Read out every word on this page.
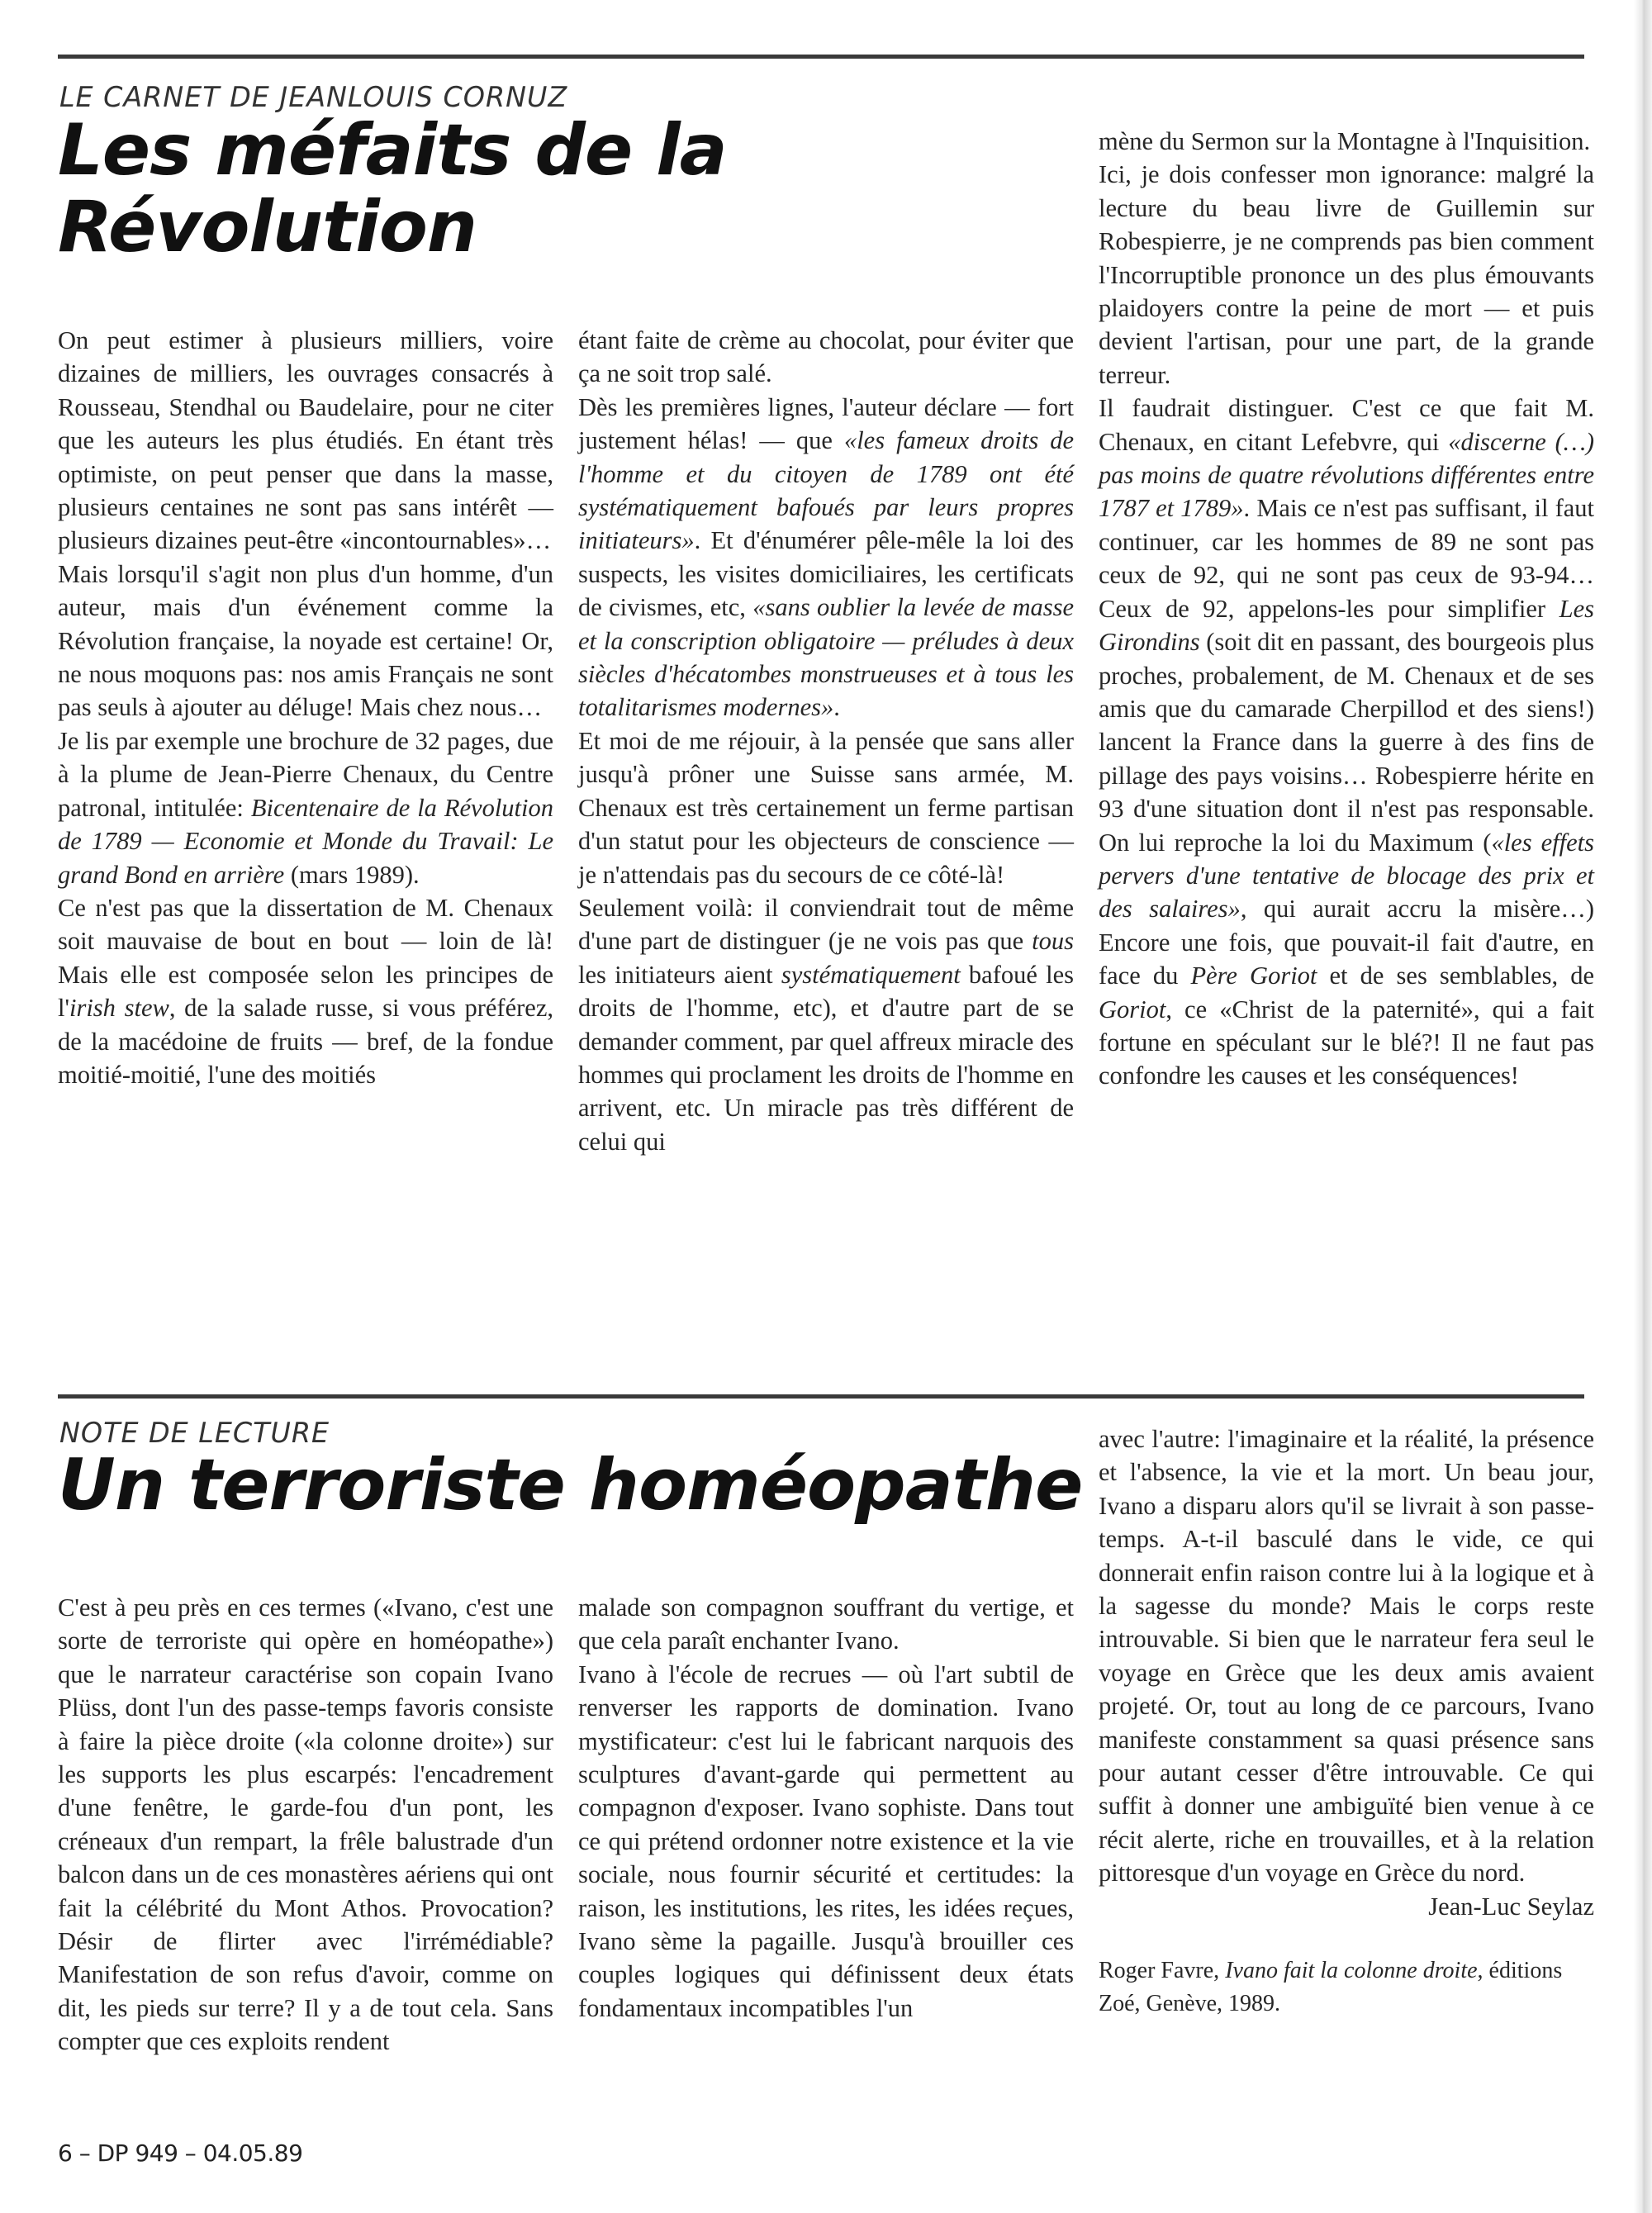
LE CARNET DE JEANLOUIS CORNUZ
Les méfaits de la
Révolution

On peut estimer à plusieurs milliers, voire dizaines de milliers, les ouvrages consacrés à Rousseau, Stendhal ou Baudelaire, pour ne citer que les auteurs les plus étudiés. En étant très optimiste, on peut penser que dans la masse, plusieurs centaines ne sont pas sans intérêt — plusieurs dizaines peut-être «incontournables»…

Mais lorsqu'il s'agit non plus d'un homme, d'un auteur, mais d'un événement comme la Révolution française, la noyade est certaine! Or, ne nous moquons pas: nos amis Français ne sont pas seuls à ajouter au déluge! Mais chez nous…

Je lis par exemple une brochure de 32 pages, due à la plume de Jean-Pierre Chenaux, du Centre patronal, intitulée: Bicentenaire de la Révolution de 1789 — Economie et Monde du Travail: Le grand Bond en arrière (mars 1989).

Ce n'est pas que la dissertation de M. Chenaux soit mauvaise de bout en bout — loin de là! Mais elle est composée selon les principes de l'irish stew, de la salade russe, si vous préférez, de la macédoine de fruits — bref, de la fondue moitié-moitié, l'une des moitiés

étant faite de crème au chocolat, pour éviter que ça ne soit trop salé.

Dès les premières lignes, l'auteur déclare — fort justement hélas! — que «les fameux droits de l'homme et du citoyen de 1789 ont été systématiquement bafoués par leurs propres initiateurs». Et d'énumérer pêle-mêle la loi des suspects, les visites domiciliaires, les certificats de civismes, etc, «sans oublier la levée de masse et la conscription obligatoire — préludes à deux siècles d'hécatombes monstrueuses et à tous les totalitarismes modernes».

Et moi de me réjouir, à la pensée que sans aller jusqu'à prôner une Suisse sans armée, M. Chenaux est très certainement un ferme partisan d'un statut pour les objecteurs de conscience — je n'attendais pas du secours de ce côté-là!

Seulement voilà: il conviendrait tout de même d'une part de distinguer (je ne vois pas que tous les initiateurs aient systématiquement bafoué les droits de l'homme, etc), et d'autre part de se demander comment, par quel affreux miracle des hommes qui proclament les droits de l'homme en arrivent, etc. Un miracle pas très différent de celui qui

mène du Sermon sur la Montagne à l'Inquisition.

Ici, je dois confesser mon ignorance: malgré la lecture du beau livre de Guillemin sur Robespierre, je ne comprends pas bien comment l'Incorruptible prononce un des plus émouvants plaidoyers contre la peine de mort — et puis devient l'artisan, pour une part, de la grande terreur.

Il faudrait distinguer. C'est ce que fait M. Chenaux, en citant Lefebvre, qui «discerne (…) pas moins de quatre révolutions différentes entre 1787 et 1789». Mais ce n'est pas suffisant, il faut continuer, car les hommes de 89 ne sont pas ceux de 92, qui ne sont pas ceux de 93-94… Ceux de 92, appelons-les pour simplifier Les Girondins (soit dit en passant, des bourgeois plus proches, probalement, de M. Chenaux et de ses amis que du camarade Cherpillod et des siens!) lancent la France dans la guerre à des fins de pillage des pays voisins… Robespierre hérite en 93 d'une situation dont il n'est pas responsable. On lui reproche la loi du Maximum («les effets pervers d'une tentative de blocage des prix et des salaires», qui aurait accru la misère…) Encore une fois, que pouvait-il fait d'autre, en face du Père Goriot et de ses semblables, de Goriot, ce «Christ de la paternité», qui a fait fortune en spéculant sur le blé?! Il ne faut pas confondre les causes et les conséquences!

NOTE DE LECTURE
Un terroriste homéopathe

C'est à peu près en ces termes («Ivano, c'est une sorte de terroriste qui opère en homéopathe») que le narrateur caractérise son copain Ivano Plüss, dont l'un des passe-temps favoris consiste à faire la pièce droite («la colonne droite») sur les supports les plus escarpés: l'encadrement d'une fenêtre, le garde-fou d'un pont, les créneaux d'un rempart, la frêle balustrade d'un balcon dans un de ces monastères aériens qui ont fait la célébrité du Mont Athos. Provocation? Désir de flirter avec l'irrémédiable? Manifestation de son refus d'avoir, comme on dit, les pieds sur terre? Il y a de tout cela. Sans compter que ces exploits rendent

malade son compagnon souffrant du vertige, et que cela paraît enchanter Ivano.

Ivano à l'école de recrues — où l'art subtil de renverser les rapports de domination. Ivano mystificateur: c'est lui le fabricant narquois des sculptures d'avant-garde qui permettent au compagnon d'exposer. Ivano sophiste. Dans tout ce qui prétend ordonner notre existence et la vie sociale, nous fournir sécurité et certitudes: la raison, les institutions, les rites, les idées reçues, Ivano sème la pagaille. Jusqu'à brouiller ces couples logiques qui définissent deux états fondamentaux incompatibles l'un

avec l'autre: l'imaginaire et la réalité, la présence et l'absence, la vie et la mort. Un beau jour, Ivano a disparu alors qu'il se livrait à son passe-temps. A-t-il basculé dans le vide, ce qui donnerait enfin raison contre lui à la logique et à la sagesse du monde? Mais le corps reste introuvable. Si bien que le narrateur fera seul le voyage en Grèce que les deux amis avaient projeté. Or, tout au long de ce parcours, Ivano manifeste constamment sa quasi présence sans pour autant cesser d'être introuvable. Ce qui suffit à donner une ambiguïté bien venue à ce récit alerte, riche en trouvailles, et à la relation pittoresque d'un voyage en Grèce du nord.

Jean-Luc Seylaz

Roger Favre, Ivano fait la colonne droite, éditions Zoé, Genève, 1989.

6 – DP 949 – 04.05.89
